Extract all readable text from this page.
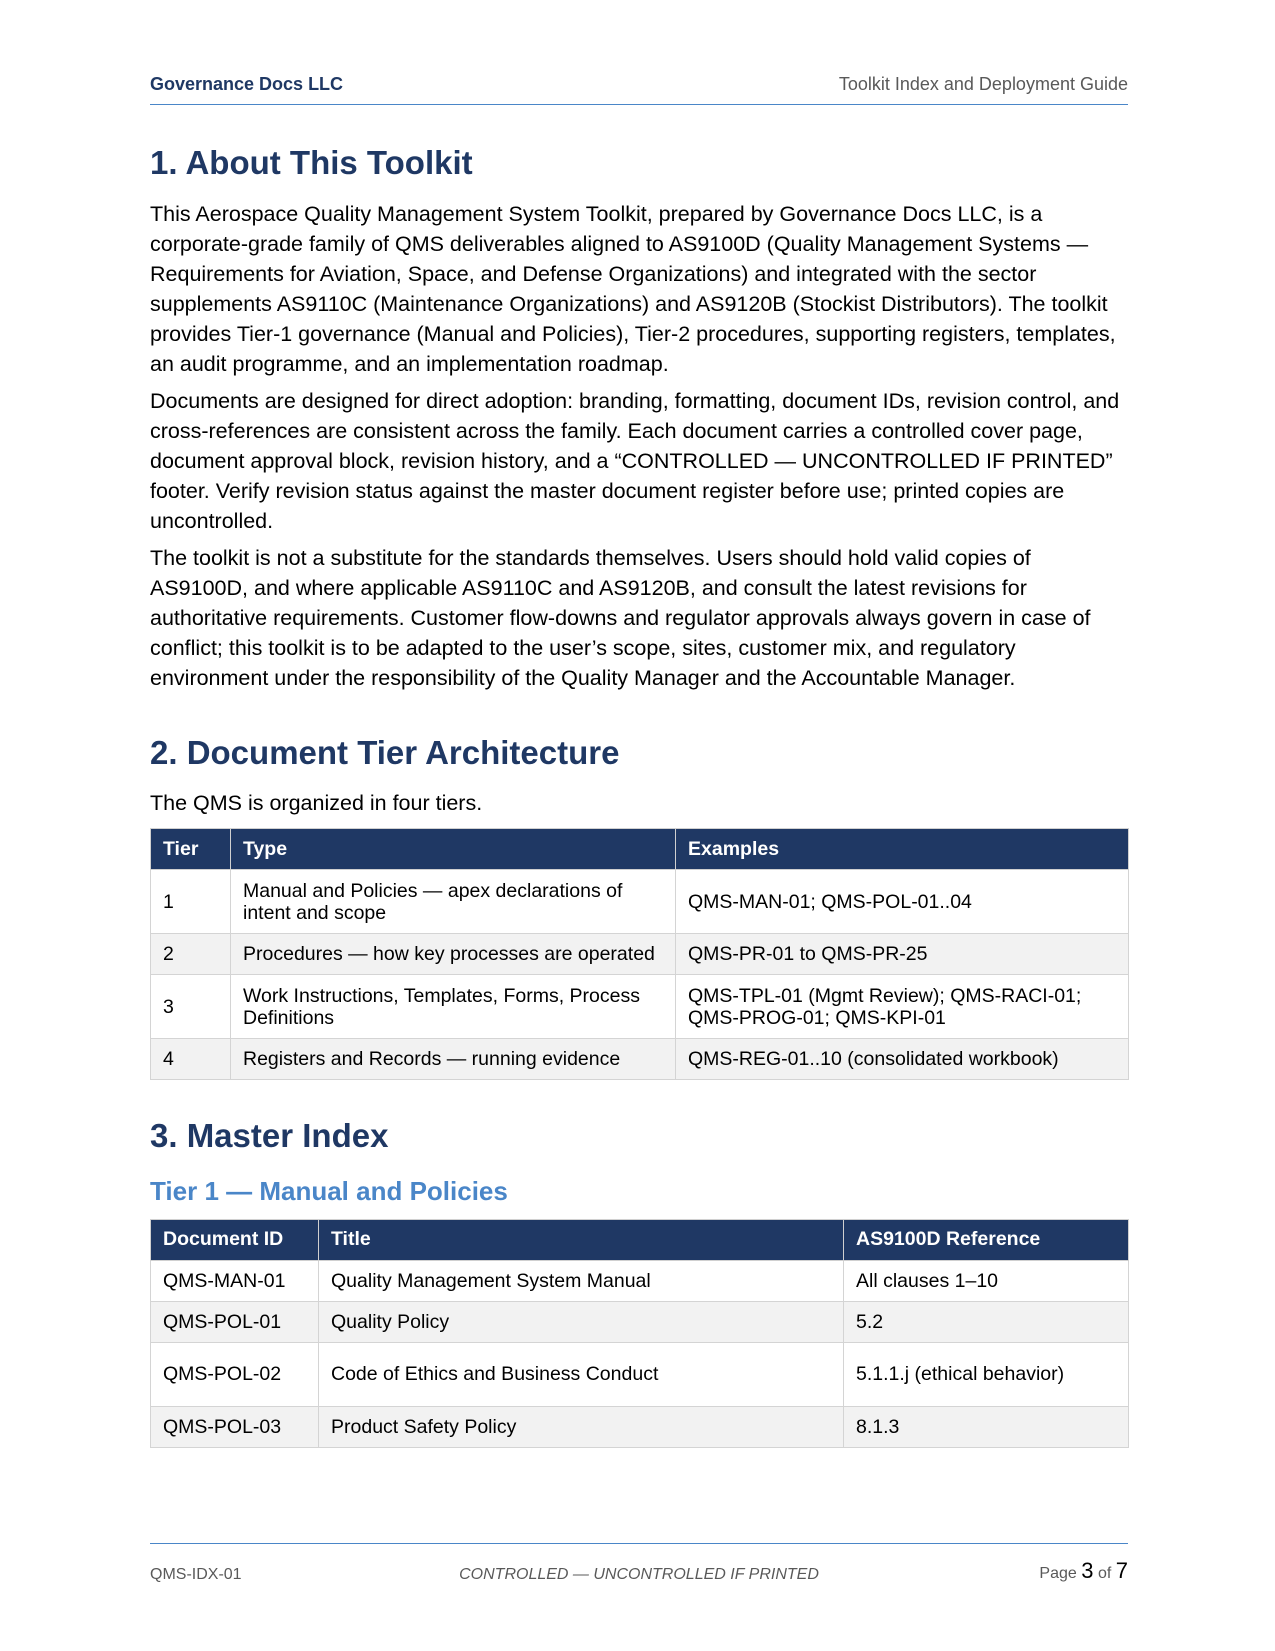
Governance Docs LLC	Toolkit Index and Deployment Guide
1. About This Toolkit

This Aerospace Quality Management System Toolkit, prepared by Governance Docs LLC, is a corporate-grade family of QMS deliverables aligned to AS9100D (Quality Management Systems — Requirements for Aviation, Space, and Defense Organizations) and integrated with the sector supplements AS9110C (Maintenance Organizations) and AS9120B (Stockist Distributors). The toolkit provides Tier-1 governance (Manual and Policies), Tier-2 procedures, supporting registers, templates, an audit programme, and an implementation roadmap.

Documents are designed for direct adoption: branding, formatting, document IDs, revision control, and cross-references are consistent across the family. Each document carries a controlled cover page, document approval block, revision history, and a “CONTROLLED — UNCONTROLLED IF PRINTED” footer. Verify revision status against the master document register before use; printed copies are uncontrolled.

The toolkit is not a substitute for the standards themselves. Users should hold valid copies of AS9100D, and where applicable AS9110C and AS9120B, and consult the latest revisions for authoritative requirements. Customer flow-downs and regulator approvals always govern in case of conflict; this toolkit is to be adapted to the user’s scope, sites, customer mix, and regulatory environment under the responsibility of the Quality Manager and the Accountable Manager.

2. Document Tier Architecture

The QMS is organized in four tiers.

Tier	Type	Examples
1	Manual and Policies — apex declarations of intent and scope	QMS-MAN-01; QMS-POL-01..04
2	Procedures — how key processes are operated	QMS-PR-01 to QMS-PR-25
3	Work Instructions, Templates, Forms, Process Definitions	QMS-TPL-01 (Mgmt Review); QMS-RACI-01; QMS-PROG-01; QMS-KPI-01
4	Registers and Records — running evidence	QMS-REG-01..10 (consolidated workbook)
3. Master Index
Tier 1 — Manual and Policies
Document ID	Title	AS9100D Reference
QMS-MAN-01	Quality Management System Manual	All clauses 1–10
QMS-POL-01	Quality Policy	5.2
QMS-POL-02	Code of Ethics and Business Conduct	5.1.1.j (ethical behavior)
QMS-POL-03	Product Safety Policy	8.1.3
QMS-IDX-01	CONTROLLED — UNCONTROLLED IF PRINTED	Page 3 of 7
